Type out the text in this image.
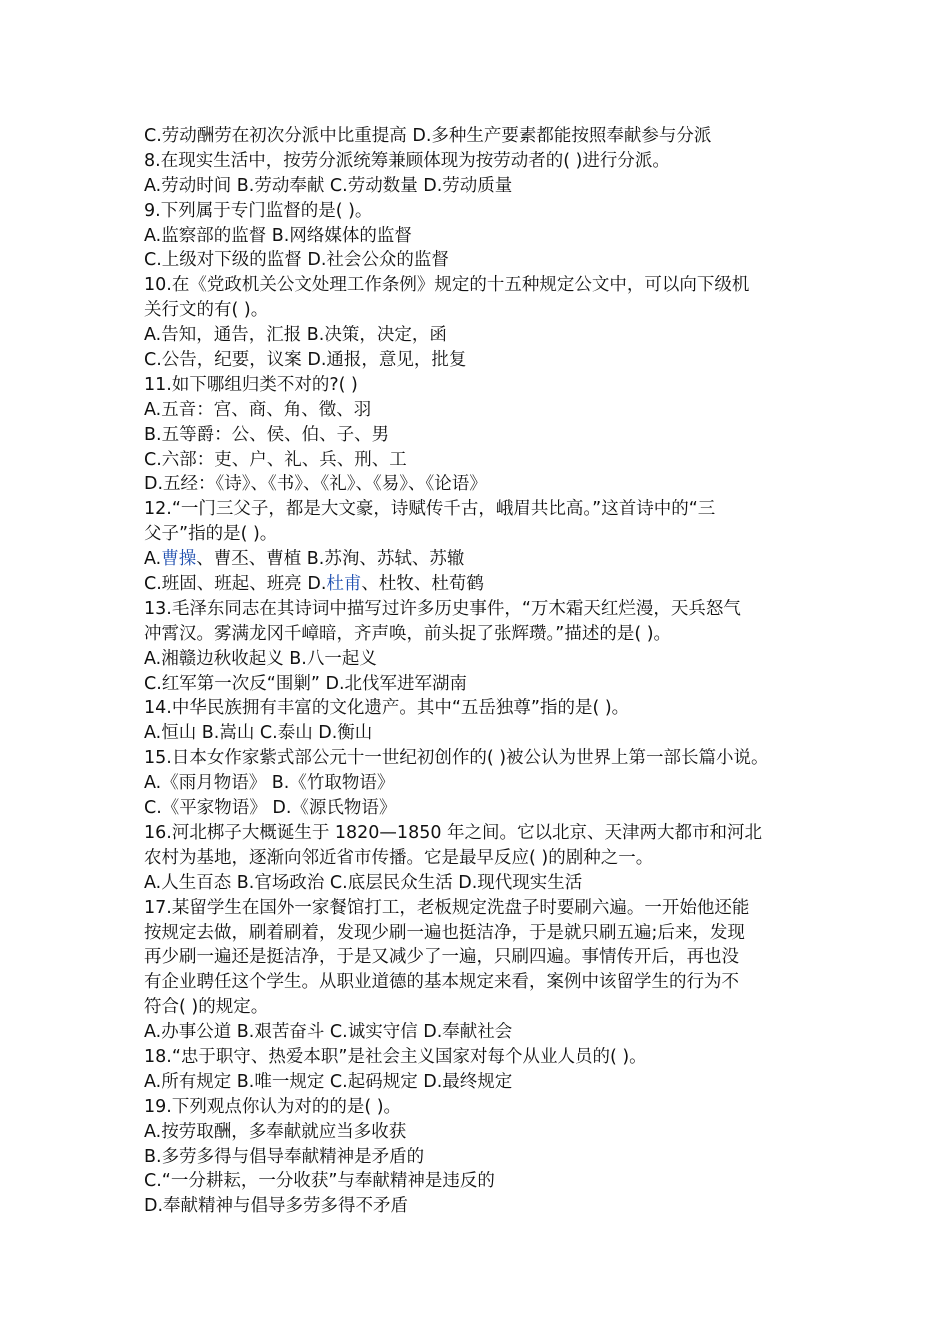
C.劳动酬劳在初次分派中比重提高 D.多种生产要素都能按照奉献参与分派
8.在现实生活中，按劳分派统筹兼顾体现为按劳动者的( )进行分派。
A.劳动时间 B.劳动奉献 C.劳动数量 D.劳动质量
9.下列属于专门监督的是( )。
A.监察部的监督 B.网络媒体的监督
C.上级对下级的监督 D.社会公众的监督
10.在《党政机关公文处理工作条例》规定的十五种规定公文中，可以向下级机
关行文的有( )。
A.告知，通告，汇报 B.决策，决定，函
C.公告，纪要，议案 D.通报，意见，批复
11.如下哪组归类不对的?( )
A.五音：宫、商、角、徵、羽
B.五等爵：公、侯、伯、子、男
C.六部：吏、户、礼、兵、刑、工
D.五经：《诗》、《书》、《礼》、《易》、《论语》
12.“一门三父子，都是大文豪，诗赋传千古，峨眉共比高。”这首诗中的“三
父子”指的是( )。
A.曹操、曹丕、曹植 B.苏洵、苏轼、苏辙
C.班固、班起、班亮 D.杜甫、杜牧、杜荀鹤
13.毛泽东同志在其诗词中描写过许多历史事件，“万木霜天红烂漫，天兵怒气
冲霄汉。雾满龙冈千嶂暗，齐声唤，前头捉了张辉瓒。”描述的是( )。
A.湘赣边秋收起义 B.八一起义
C.红军第一次反“围剿” D.北伐军进军湖南
14.中华民族拥有丰富的文化遗产。其中“五岳独尊”指的是( )。
A.恒山 B.嵩山 C.泰山 D.衡山
15.日本女作家紫式部公元十一世纪初创作的( )被公认为世界上第一部长篇小说。
A.《雨月物语》 B.《竹取物语》
C.《平家物语》 D.《源氏物语》
16.河北梆子大概诞生于 1820—1850 年之间。它以北京、天津两大都市和河北
农村为基地，逐渐向邻近省市传播。它是最早反应( )的剧种之一。
A.人生百态 B.官场政治 C.底层民众生活 D.现代现实生活
17.某留学生在国外一家餐馆打工，老板规定洗盘子时要刷六遍。一开始他还能
按规定去做，刷着刷着，发现少刷一遍也挺洁净，于是就只刷五遍;后来，发现
再少刷一遍还是挺洁净，于是又减少了一遍，只刷四遍。事情传开后，再也没
有企业聘任这个学生。从职业道德的基本规定来看，案例中该留学生的行为不
符合( )的规定。
A.办事公道 B.艰苦奋斗 C.诚实守信 D.奉献社会
18.“忠于职守、热爱本职”是社会主义国家对每个从业人员的( )。
A.所有规定 B.唯一规定 C.起码规定 D.最终规定
19.下列观点你认为对的的是( )。
A.按劳取酬，多奉献就应当多收获
B.多劳多得与倡导奉献精神是矛盾的
C.“一分耕耘，一分收获”与奉献精神是违反的
D.奉献精神与倡导多劳多得不矛盾
